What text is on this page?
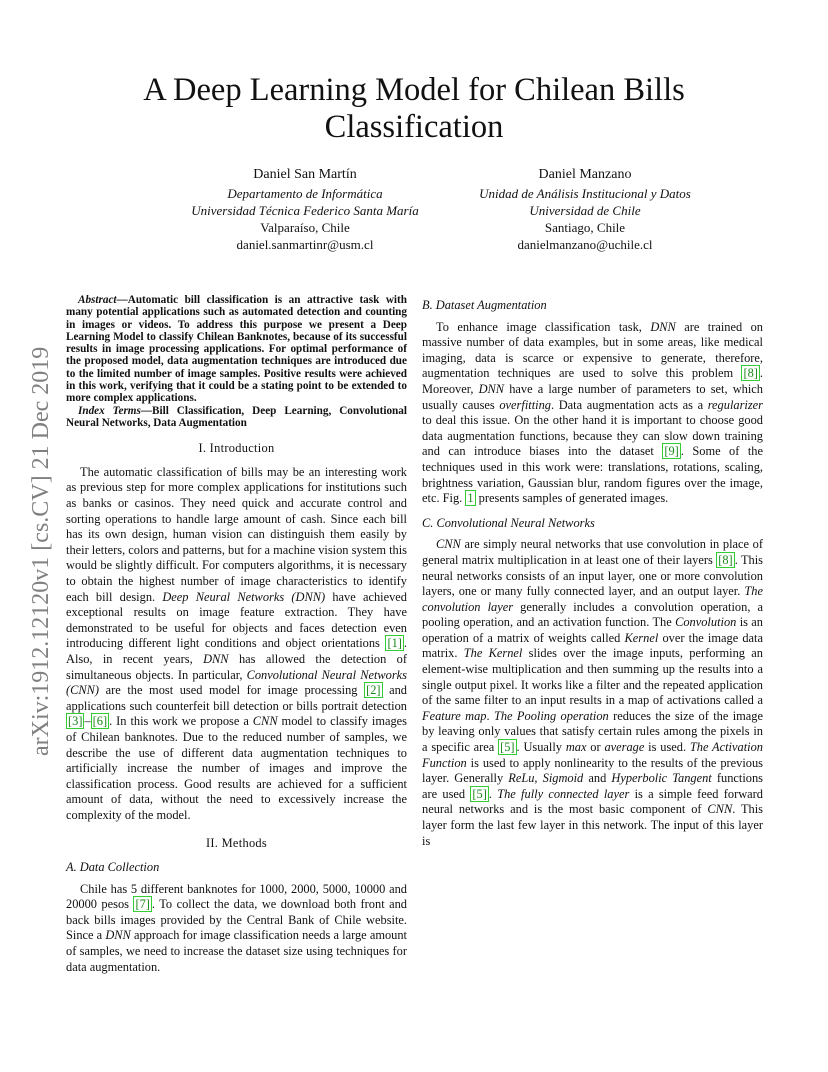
A Deep Learning Model for Chilean Bills Classification
arXiv:1912.12120v1 [cs.CV] 21 Dec 2019
Daniel San Martín
Departamento de Informática
Universidad Técnica Federico Santa María
Valparaíso, Chile
daniel.sanmartinr@usm.cl
Daniel Manzano
Unidad de Análisis Institucional y Datos
Universidad de Chile
Santiago, Chile
danielmanzano@uchile.cl

Abstract—Automatic bill classification is an attractive task with many potential applications such as automated detection and counting in images or videos. To address this purpose we present a Deep Learning Model to classify Chilean Banknotes, because of its successful results in image processing applications. For optimal performance of the proposed model, data augmentation techniques are introduced due to the limited number of image samples. Positive results were achieved in this work, verifying that it could be a stating point to be extended to more complex applications.

Index Terms—Bill Classification, Deep Learning, Convolutional Neural Networks, Data Augmentation

I. Introduction

The automatic classification of bills may be an interesting work as previous step for more complex applications for institutions such as banks or casinos. They need quick and accurate control and sorting operations to handle large amount of cash. Since each bill has its own design, human vision can distinguish them easily by their letters, colors and patterns, but for a machine vision system this would be slightly difficult. For computers algorithms, it is necessary to obtain the highest number of image characteristics to identify each bill design. Deep Neural Networks (DNN) have achieved exceptional results on image feature extraction. They have demonstrated to be useful for objects and faces detection even introducing different light conditions and object orientations [1] . Also, in recent years, DNN has allowed the detection of simultaneous objects. In particular, Convolutional Neural Networks (CNN) are the most used model for image processing [2] and applications such counterfeit bill detection or bills portrait detection [3] – [6] . In this work we propose a CNN model to classify images of Chilean banknotes. Due to the reduced number of samples, we describe the use of different data augmentation techniques to artificially increase the number of images and improve the classification process. Good results are achieved for a sufficient amount of data, without the need to excessively increase the complexity of the model.

II. Methods
A. Data Collection

Chile has 5 different banknotes for 1000, 2000, 5000, 10000 and 20000 pesos [7] . To collect the data, we download both front and back bills images provided by the Central Bank of Chile website. Since a DNN approach for image classification needs a large amount of samples, we need to increase the dataset size using techniques for data augmentation.

B. Dataset Augmentation

To enhance image classification task, DNN are trained on massive number of data examples, but in some areas, like medical imaging, data is scarce or expensive to generate, therefore, augmentation techniques are used to solve this problem [8] . Moreover, DNN have a large number of parameters to set, which usually causes overfitting. Data augmentation acts as a regularizer to deal this issue. On the other hand it is important to choose good data augmentation functions, because they can slow down training and can introduce biases into the dataset [9] . Some of the techniques used in this work were: translations, rotations, scaling, brightness variation, Gaussian blur, random figures over the image, etc. Fig. 1 presents samples of generated images.

C. Convolutional Neural Networks

CNN are simply neural networks that use convolution in place of general matrix multiplication in at least one of their layers [8] . This neural networks consists of an input layer, one or more convolution layers, one or many fully connected layer, and an output layer. The convolution layer generally includes a convolution operation, a pooling operation, and an activation function. The Convolution is an operation of a matrix of weights called Kernel over the image data matrix. The Kernel slides over the image inputs, performing an element-wise multiplication and then summing up the results into a single output pixel. It works like a filter and the repeated application of the same filter to an input results in a map of activations called a Feature map. The Pooling operation reduces the size of the image by leaving only values that satisfy certain rules among the pixels in a specific area [5] . Usually max or average is used. The Activation Function is used to apply nonlinearity to the results of the previous layer. Generally ReLu, Sigmoid and Hyperbolic Tangent functions are used [5] . The fully connected layer is a simple feed forward neural networks and is the most basic component of CNN. This layer form the last few layer in this network. The input of this layer is
